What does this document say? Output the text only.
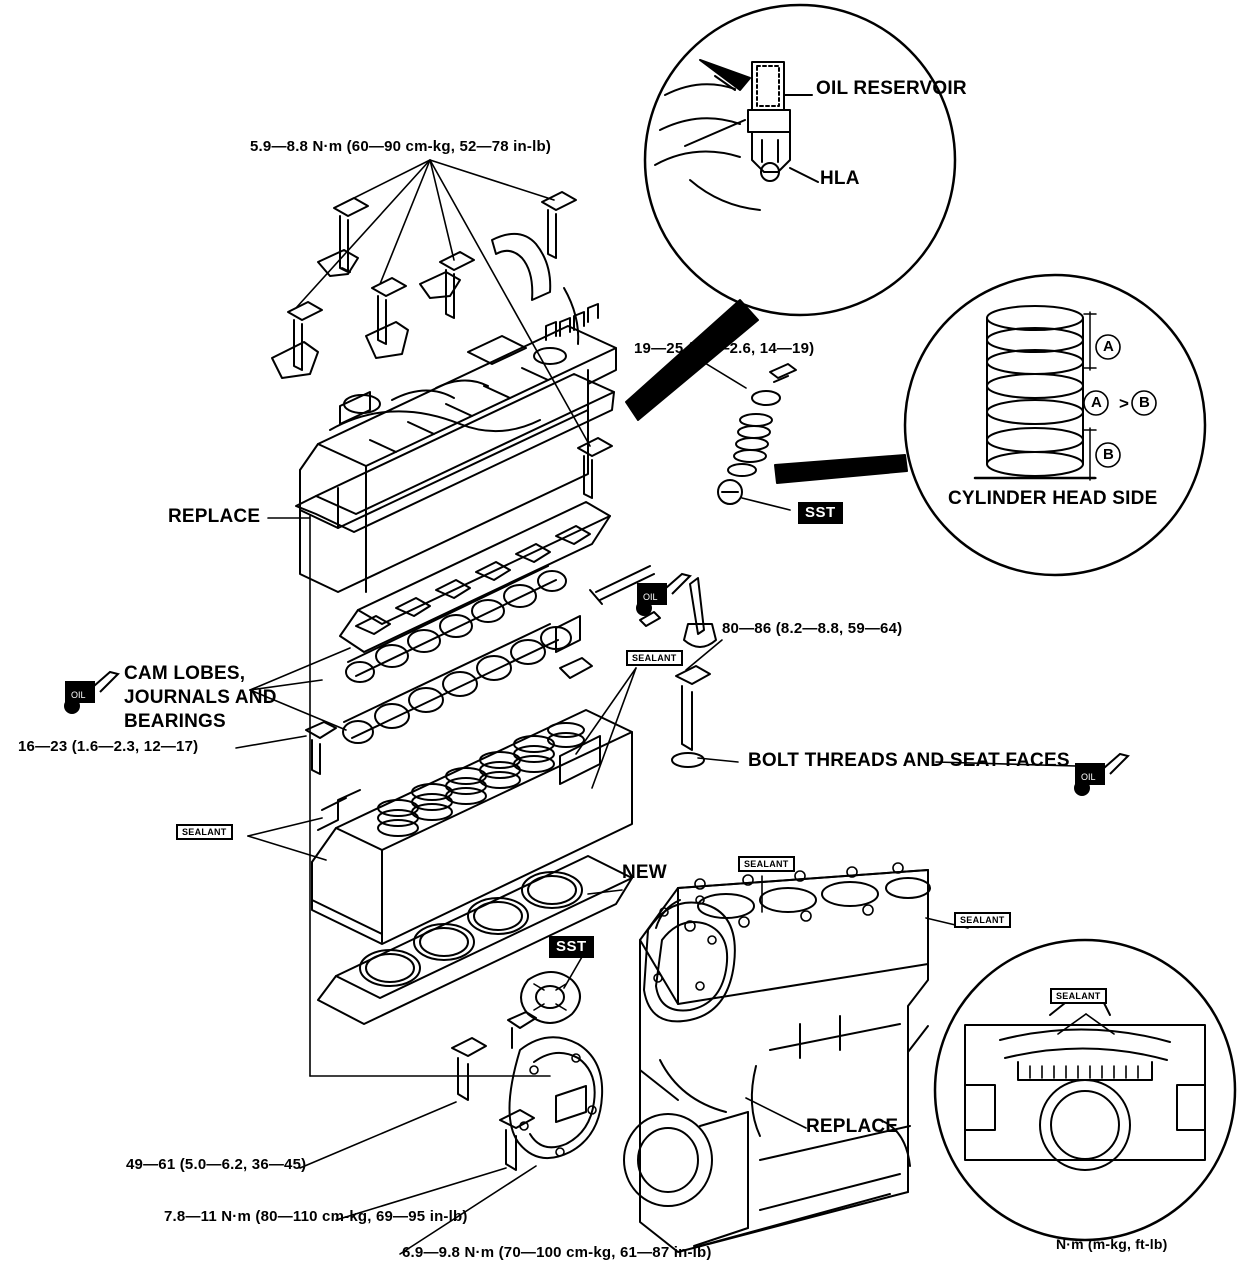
5.9—8.8 N·m (60—90 cm-kg, 52—78 in-lb)
19—25 (1.9—2.6, 14—19)
16—23 (1.6—2.3, 12—17)
80—86 (8.2—8.8, 59—64)
49—61 (5.0—6.2, 36—45)
7.8—11 N·m (80—110 cm-kg, 69—95 in-lb)
6.9—9.8 N·m (70—100 cm-kg, 61—87 in-lb)
OIL RESERVOIR
HLA
CYLINDER HEAD SIDE
REPLACE
REPLACE
NEW
BOLT THREADS AND SEAT FACES
CAM LOBES,
JOURNALS AND
BEARINGS
SST
SST
A
A > B
B
SEALANT
SEALANT
SEALANT
SEALANT
SEALANT
OIL
OIL
OIL
N·m (m-kg, ft-lb)
